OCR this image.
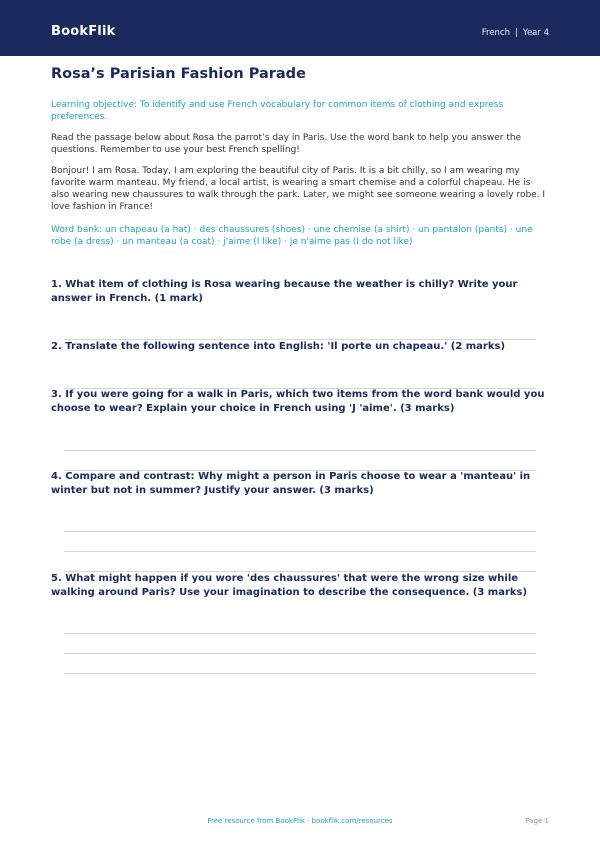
BookFlik	French | Year 4
Rosa’s Parisian Fashion Parade
Learning objective: To identify and use French vocabulary for common items of clothing and express preferences.
Read the passage below about Rosa the parrot’s day in Paris. Use the word bank to help you answer the questions. Remember to use your best French spelling!
Bonjour! I am Rosa. Today, I am exploring the beautiful city of Paris. It is a bit chilly, so I am wearing my favorite warm manteau. My friend, a local artist, is wearing a smart chemise and a colorful chapeau. He is also wearing new chaussures to walk through the park. Later, we might see someone wearing a lovely robe. I love fashion in France!
Word bank: un chapeau (a hat) · des chaussures (shoes) · une chemise (a shirt) · un pantalon (pants) · une robe (a dress) · un manteau (a coat) · j'aime (I like) · je n'aime pas (I do not like)
1. What item of clothing is Rosa wearing because the weather is chilly? Write your answer in French. (1 mark)
2. Translate the following sentence into English: 'Il porte un chapeau.' (2 marks)
3. If you were going for a walk in Paris, which two items from the word bank would you choose to wear? Explain your choice in French using 'J 'aime'. (3 marks)
4. Compare and contrast: Why might a person in Paris choose to wear a 'manteau' in winter but not in summer? Justify your answer. (3 marks)
5. What might happen if you wore 'des chaussures' that were the wrong size while walking around Paris? Use your imagination to describe the consequence. (3 marks)
Free resource from BookFlik · bookflik.com/resources	Page 1
